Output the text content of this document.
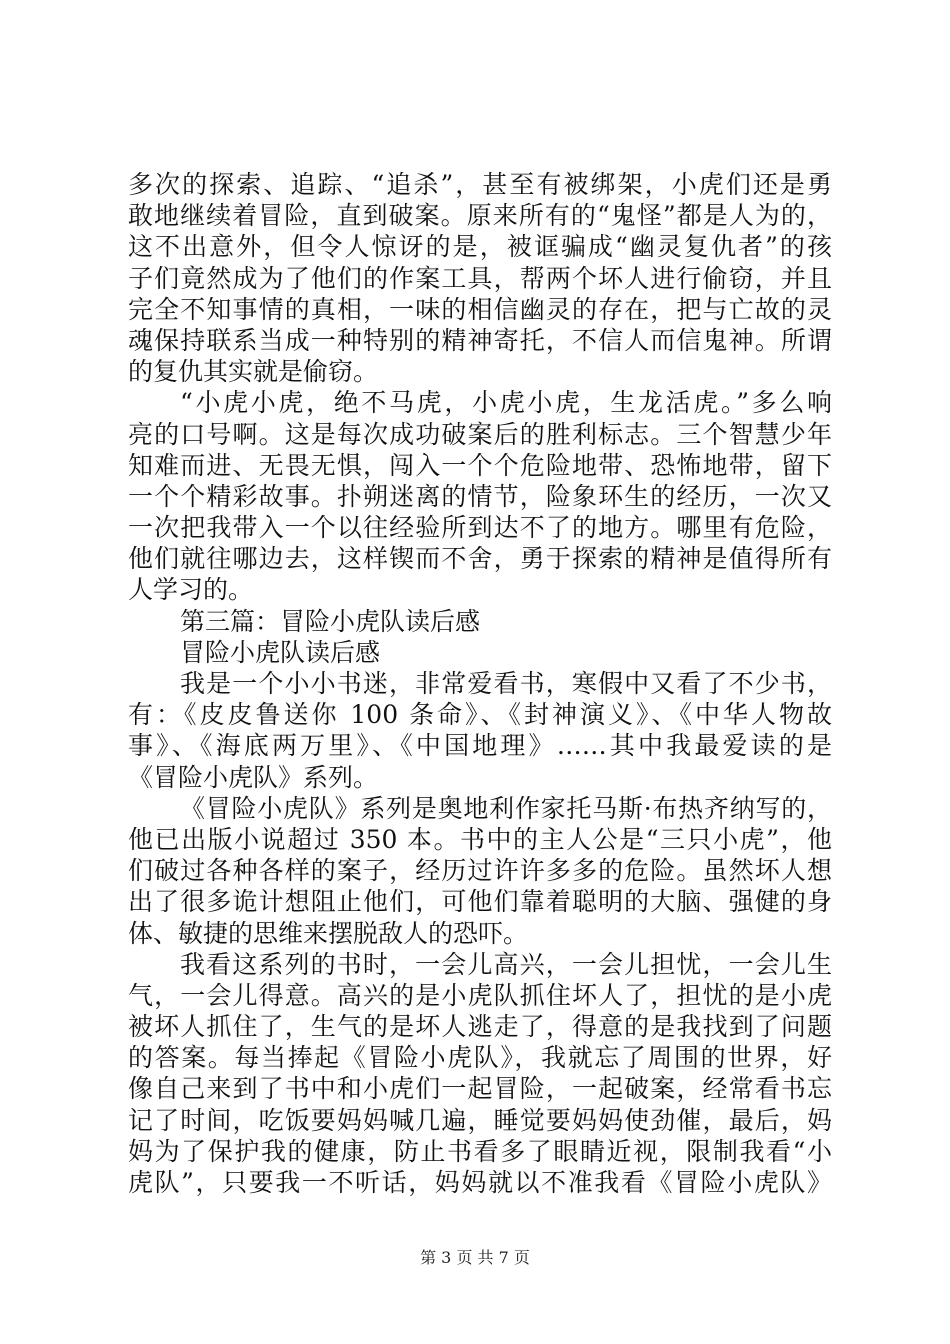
多次的探索、追踪、“追杀”，甚至有被绑架，小虎们还是勇
敢地继续着冒险，直到破案。原来所有的“鬼怪”都是人为的，
这不出意外，但令人惊讶的是，被诓骗成“幽灵复仇者”的孩
子们竟然成为了他们的作案工具，帮两个坏人进行偷窃，并且
完全不知事情的真相，一味的相信幽灵的存在，把与亡故的灵
魂保持联系当成一种特别的精神寄托，不信人而信鬼神。所谓
的复仇其实就是偷窃。
“小虎小虎，绝不马虎，小虎小虎，生龙活虎。”多么响
亮的口号啊。这是每次成功破案后的胜利标志。三个智慧少年
知难而进、无畏无惧，闯入一个个危险地带、恐怖地带，留下
一个个精彩故事。扑朔迷离的情节，险象环生的经历，一次又
一次把我带入一个以往经验所到达不了的地方。哪里有危险，
他们就往哪边去，这样锲而不舍，勇于探索的精神是值得所有
人学习的。
第三篇：冒险小虎队读后感
冒险小虎队读后感
我是一个小小书迷，非常爱看书，寒假中又看了不少书，
有：《皮皮鲁送你 100 条命》、《封神演义》、《中华人物故
事》、《海底两万里》、《中国地理》……其中我最爱读的是
《冒险小虎队》系列。
《冒险小虎队》系列是奥地利作家托马斯·布热齐纳写的，
他已出版小说超过 350 本。书中的主人公是“三只小虎”，他
们破过各种各样的案子，经历过许许多多的危险。虽然坏人想
出了很多诡计想阻止他们，可他们靠着聪明的大脑、强健的身
体、敏捷的思维来摆脱敌人的恐吓。
我看这系列的书时，一会儿高兴，一会儿担忧，一会儿生
气，一会儿得意。高兴的是小虎队抓住坏人了，担忧的是小虎
被坏人抓住了，生气的是坏人逃走了，得意的是我找到了问题
的答案。每当捧起《冒险小虎队》，我就忘了周围的世界，好
像自己来到了书中和小虎们一起冒险，一起破案，经常看书忘
记了时间，吃饭要妈妈喊几遍，睡觉要妈妈使劲催，最后，妈
妈为了保护我的健康，防止书看多了眼睛近视，限制我看“小
虎队”，只要我一不听话，妈妈就以不准我看《冒险小虎队》
第 3 页 共 7 页
